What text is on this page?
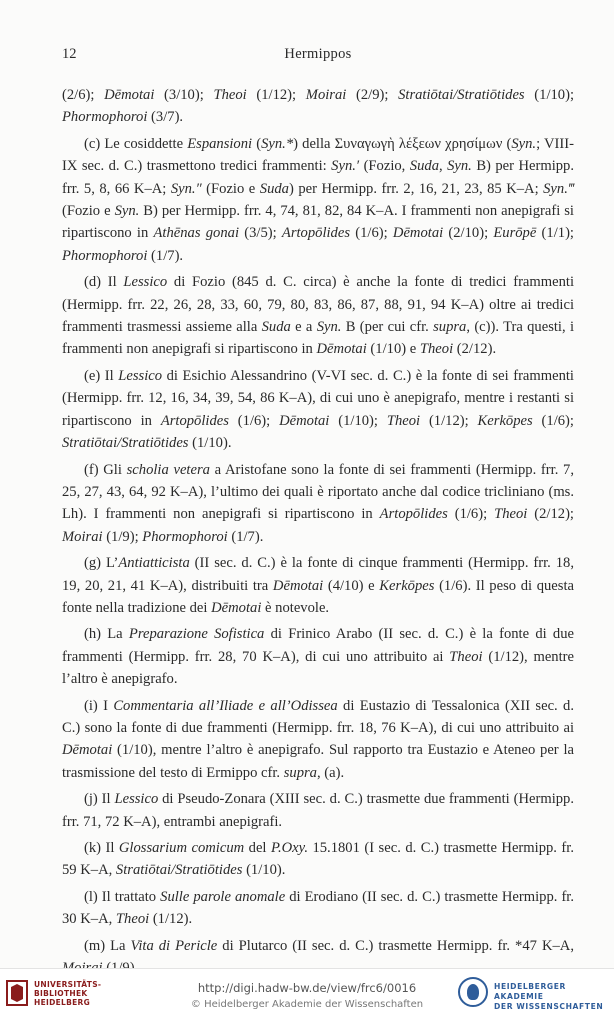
12	Hermippos

(2/6); Dēmotai (3/10); Theoi (1/12); Moirai (2/9); Stratiōtai/Stratiōtides (1/10); Phormophoroi (3/7).

(c) Le cosiddette Espansioni (Syn.*) della Συναγωγὴ λέξεων χρησίμων (Syn.; VIII-IX sec. d. C.) trasmettono tredici frammenti: Syn.′ (Fozio, Suda, Syn. B) per Hermipp. frr. 5, 8, 66 K–A; Syn.″ (Fozio e Suda) per Hermipp. frr. 2, 16, 21, 23, 85 K–A; Syn.‴ (Fozio e Syn. B) per Hermipp. frr. 4, 74, 81, 82, 84 K–A. I frammenti non anepigrafi si ripartiscono in Athēnas gonai (3/5); Artopōlides (1/6); Dēmotai (2/10); Eurōpē (1/1); Phormophoroi (1/7).

(d) Il Lessico di Fozio (845 d. C. circa) è anche la fonte di tredici frammenti (Hermipp. frr. 22, 26, 28, 33, 60, 79, 80, 83, 86, 87, 88, 91, 94 K–A) oltre ai tredici frammenti trasmessi assieme alla Suda e a Syn. B (per cui cfr. supra, (c)). Tra questi, i frammenti non anepigrafi si ripartiscono in Dēmotai (1/10) e Theoi (2/12).

(e) Il Lessico di Esichio Alessandrino (V-VI sec. d. C.) è la fonte di sei frammenti (Hermipp. frr. 12, 16, 34, 39, 54, 86 K–A), di cui uno è anepigrafo, mentre i restanti si ripartiscono in Artopōlides (1/6); Dēmotai (1/10); Theoi (1/12); Kerkōpes (1/6); Stratiōtai/Stratiōtides (1/10).

(f) Gli scholia vetera a Aristofane sono la fonte di sei frammenti (Hermipp. frr. 7, 25, 27, 43, 64, 92 K–A), l’ultimo dei quali è riportato anche dal codice tricliniano (ms. Lh). I frammenti non anepigrafi si ripartiscono in Artopōlides (1/6); Theoi (2/12); Moirai (1/9); Phormophoroi (1/7).

(g) L’Antiatticista (II sec. d. C.) è la fonte di cinque frammenti (Hermipp. frr. 18, 19, 20, 21, 41 K–A), distribuiti tra Dēmotai (4/10) e Kerkōpes (1/6). Il peso di questa fonte nella tradizione dei Dēmotai è notevole.

(h) La Preparazione Sofistica di Frinico Arabo (II sec. d. C.) è la fonte di due frammenti (Hermipp. frr. 28, 70 K–A), di cui uno attribuito ai Theoi (1/12), mentre l’altro è anepigrafo.

(i) I Commentaria all’Iliade e all’Odissea di Eustazio di Tessalonica (XII sec. d. C.) sono la fonte di due frammenti (Hermipp. frr. 18, 76 K–A), di cui uno attribuito ai Dēmotai (1/10), mentre l’altro è anepigrafo. Sul rapporto tra Eustazio e Ateneo per la trasmissione del testo di Ermippo cfr. supra, (a).

(j) Il Lessico di Pseudo-Zonara (XIII sec. d. C.) trasmette due frammenti (Hermipp. frr. 71, 72 K–A), entrambi anepigrafi.

(k) Il Glossarium comicum del P.Oxy. 15.1801 (I sec. d. C.) trasmette Hermipp. fr. 59 K–A, Stratiōtai/Stratiōtides (1/10).

(l) Il trattato Sulle parole anomale di Erodiano (II sec. d. C.) trasmette Hermipp. fr. 30 K–A, Theoi (1/12).

(m) La Vita di Pericle di Plutarco (II sec. d. C.) trasmette Hermipp. fr. *47 K–A,

UNIVERSITÄTS-
BIBLIOTHEK
HEIDELBERG
http://digi.hadw-bw.de/view/frc6/0016
© Heidelberger Akademie der Wissenschaften
HEIDELBERGER AKADEMIE
DER WISSENSCHAFTEN
